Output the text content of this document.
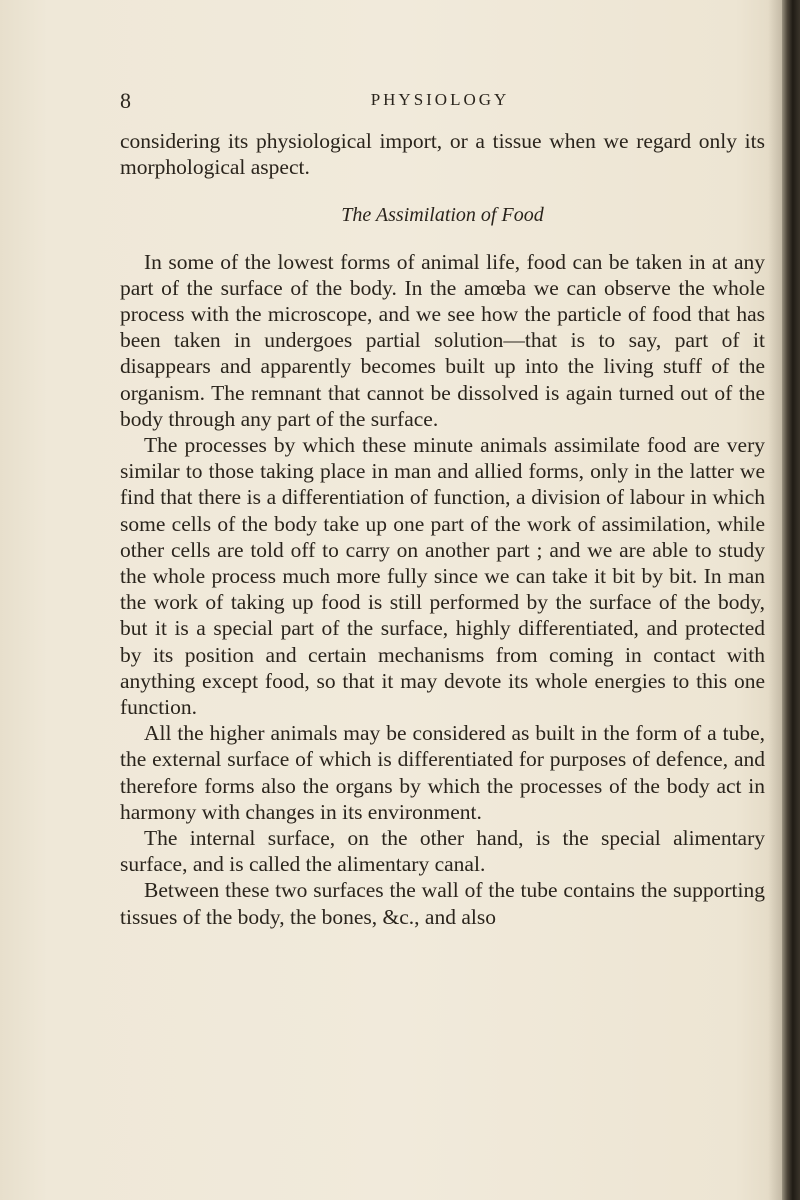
8	PHYSIOLOGY

considering its physiological import, or a tissue when we regard only its morphological aspect.

The Assimilation of Food

In some of the lowest forms of animal life, food can be taken in at any part of the surface of the body. In the amœba we can observe the whole process with the microscope, and we see how the particle of food that has been taken in undergoes partial solution—that is to say, part of it disappears and apparently becomes built up into the living stuff of the organism. The remnant that cannot be dissolved is again turned out of the body through any part of the surface.

The processes by which these minute animals assimilate food are very similar to those taking place in man and allied forms, only in the latter we find that there is a differentiation of function, a division of labour in which some cells of the body take up one part of the work of assimilation, while other cells are told off to carry on another part ; and we are able to study the whole process much more fully since we can take it bit by bit. In man the work of taking up food is still performed by the surface of the body, but it is a special part of the surface, highly differentiated, and protected by its position and certain mechanisms from coming in contact with anything except food, so that it may devote its whole energies to this one function.

All the higher animals may be considered as built in the form of a tube, the external surface of which is differentiated for purposes of defence, and therefore forms also the organs by which the processes of the body act in harmony with changes in its environment.

The internal surface, on the other hand, is the special alimentary surface, and is called the alimentary canal.

Between these two surfaces the wall of the tube contains the supporting tissues of the body, the bones, &c., and also
